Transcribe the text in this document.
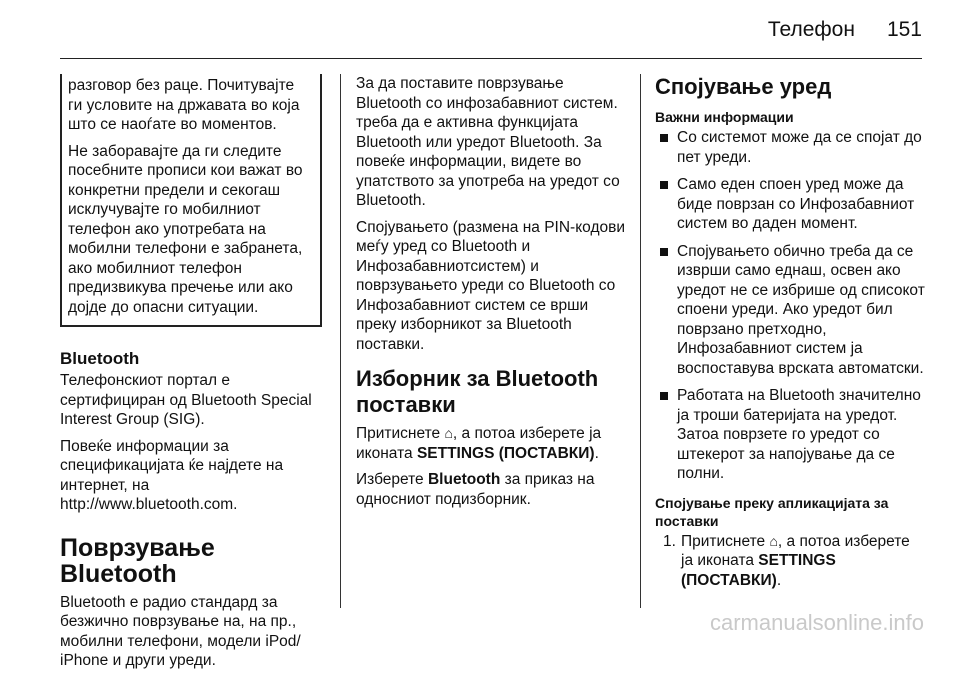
Телефон 151

разговор без раце. Почитувајте ги условите на државата во која што се наоѓате во моментов.

Не заборавајте да ги следите посебните прописи кои важат во конкретни предели и секогаш исклучувајте го мобилниот телефон ако употребата на мобилни телефони е забранета, ако мобилниот телефон предизвикува пречење или ако дојде до опасни ситуации.

Bluetooth

Телефонскиот портал е сертифициран од Bluetooth Special Interest Group (SIG).

Повеќе информации за спецификацијата ќе најдете на интернет, на http://www.bluetooth.com.

Поврзување Bluetooth

Bluetooth е радио стандард за безжично поврзување на, на пр., мобилни телефони, модели iPod/ iPhone и други уреди.

За да поставите поврзување Bluetooth со инфозабавниот систем. треба да е активна функцијата Bluetooth или уредот Bluetooth. За повеќе информации, видете во упатството за употреба на уредот со Bluetooth.

Спојувањето (размена на PIN-кодови меѓу уред со Bluetooth и Инфозабавниотсистем) и поврзувањето уреди со Bluetooth со Инфозабавниот систем се врши преку изборникот за Bluetooth поставки.

Изборник за Bluetooth поставки

Притиснете ⌂, а потоа изберете ја иконата SETTINGS (ПОСТАВКИ).

Изберете Bluetooth за приказ на односниот подизборник.

Спојување уред
Важни информации
Со системот може да се спојат до пет уреди.
Само еден споен уред може да биде поврзан со Инфозабавниот систем во даден момент.
Спојувањето обично треба да се изврши само еднаш, освен ако уредот не се избрише од списокот споени уреди. Ако уредот бил поврзано претходно, Инфозабавниот систем ја воспоставува врската автоматски.
Работата на Bluetooth значително ја троши батеријата на уредот. Затоа поврзете го уредот со штекерот за напојување да се полни.
Спојување преку апликацијата за поставки
1. Притиснете ⌂, а потоа изберете ја иконата SETTINGS (ПОСТАВКИ).
carmanualsonline.info
